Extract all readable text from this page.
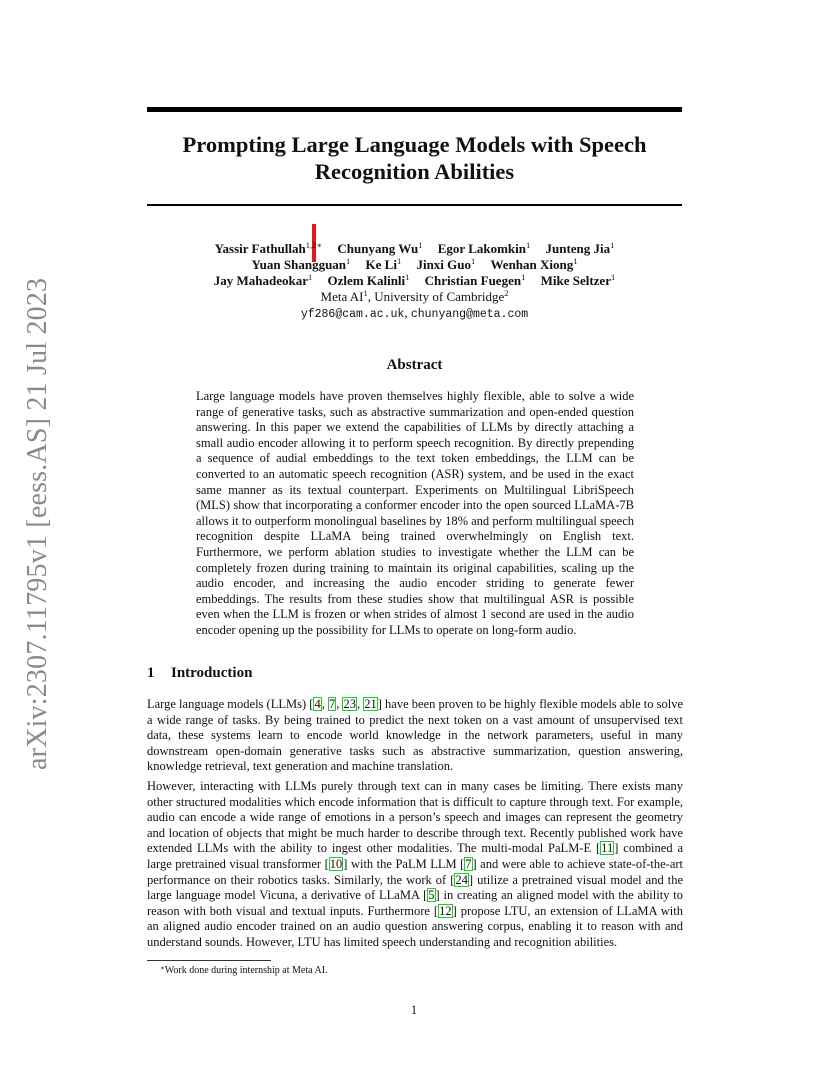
arXiv:2307.11795v1 [eess.AS] 21 Jul 2023
Prompting Large Language Models with Speech Recognition Abilities
Yassir Fathullah$^{1,2∗}$ Chunyang Wu$^1$ Egor Lakomkin$^1$ Junteng Jia$^1$
Yuan Shangguan$^1$ Ke Li$^1$ Jinxi Guo$^1$ Wenhan Xiong$^1$
Jay Mahadeokar$^1$ Ozlem Kalinli$^1$ Christian Fuegen$^1$ Mike Seltzer$^1$
Meta $AI^1$, University of Cambridge$^2$
yf286@cam.ac.uk, chunyang@meta.com
Abstract

Large language models have proven themselves highly flexible, able to solve a wide range of generative tasks, such as abstractive summarization and open-ended question answering. In this paper we extend the capabilities of LLMs by directly attaching a small audio encoder allowing it to perform speech recognition. By directly prepending a sequence of audial embeddings to the text token embeddings, the LLM can be converted to an automatic speech recognition (ASR) system, and be used in the exact same manner as its textual counterpart. Experiments on Multilingual LibriSpeech (MLS) show that incorporating a conformer encoder into the open sourced LLaMA-7B allows it to outperform monolingual baselines by 18% and perform multilingual speech recognition despite LLaMA being trained overwhelmingly on English text. Furthermore, we perform ablation studies to investigate whether the LLM can be completely frozen during training to maintain its original capabilities, scaling up the audio encoder, and increasing the audio encoder striding to generate fewer embeddings. The results from these studies show that multilingual ASR is possible even when the LLM is frozen or when strides of almost 1 second are used in the audio encoder opening up the possibility for LLMs to operate on long-form audio.

1 Introduction

Large language models (LLMs) [4, 7, 23, 21] have been proven to be highly flexible models able to solve a wide range of tasks. By being trained to predict the next token on a vast amount of unsupervised text data, these systems learn to encode world knowledge in the network parameters, useful in many downstream open-domain generative tasks such as abstractive summarization, question answering, knowledge retrieval, text generation and machine translation.

However, interacting with LLMs purely through text can in many cases be limiting. There exists many other structured modalities which encode information that is difficult to capture through text. For example, audio can encode a wide range of emotions in a person’s speech and images can represent the geometry and location of objects that might be much harder to describe through text. Recently published work have extended LLMs with the ability to ingest other modalities. The multi-modal PaLM-E [11] combined a large pretrained visual transformer [10] with the PaLM LLM [7] and were able to achieve state-of-the-art performance on their robotics tasks. Similarly, the work of [24] utilize a pretrained visual model and the large language model Vicuna, a derivative of LLaMA [5] in creating an aligned model with the ability to reason with both visual and textual inputs. Furthermore [12] propose LTU, an extension of LLaMA with an aligned audio encoder trained on an audio question answering corpus, enabling it to reason with and understand sounds. However, LTU has limited speech understanding and recognition abilities.

∗Work done during internship at Meta AI.
1
